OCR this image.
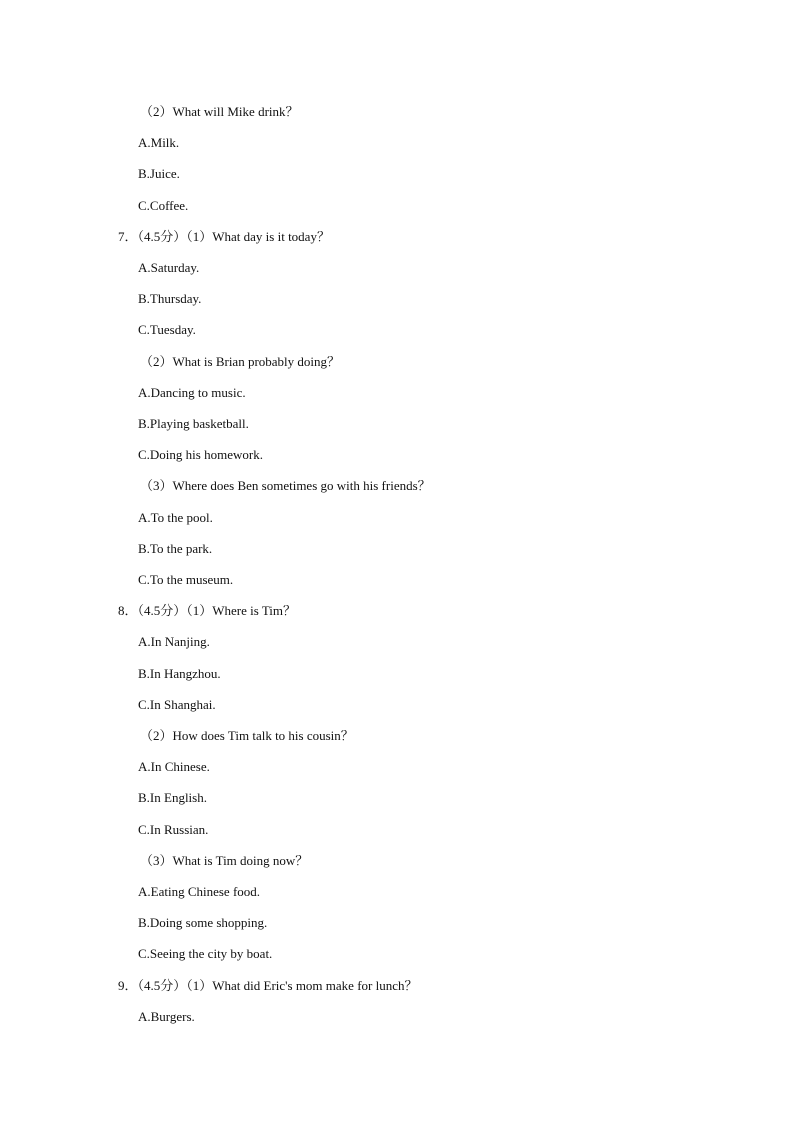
（2）What will Mike drink？
A.Milk.
B.Juice.
C.Coffee.
7．（4.5分）（1）What day is it today？
A.Saturday.
B.Thursday.
C.Tuesday.
（2）What is Brian probably doing？
A.Dancing to music.
B.Playing basketball.
C.Doing his homework.
（3）Where does Ben sometimes go with his friends？
A.To the pool.
B.To the park.
C.To the museum.
8．（4.5分）（1）Where is Tim？
A.In Nanjing.
B.In Hangzhou.
C.In Shanghai.
（2）How does Tim talk to his cousin？
A.In Chinese.
B.In English.
C.In Russian.
（3）What is Tim doing now？
A.Eating Chinese food.
B.Doing some shopping.
C.Seeing the city by boat.
9．（4.5分）（1）What did Eric's mom make for lunch？
A.Burgers.
